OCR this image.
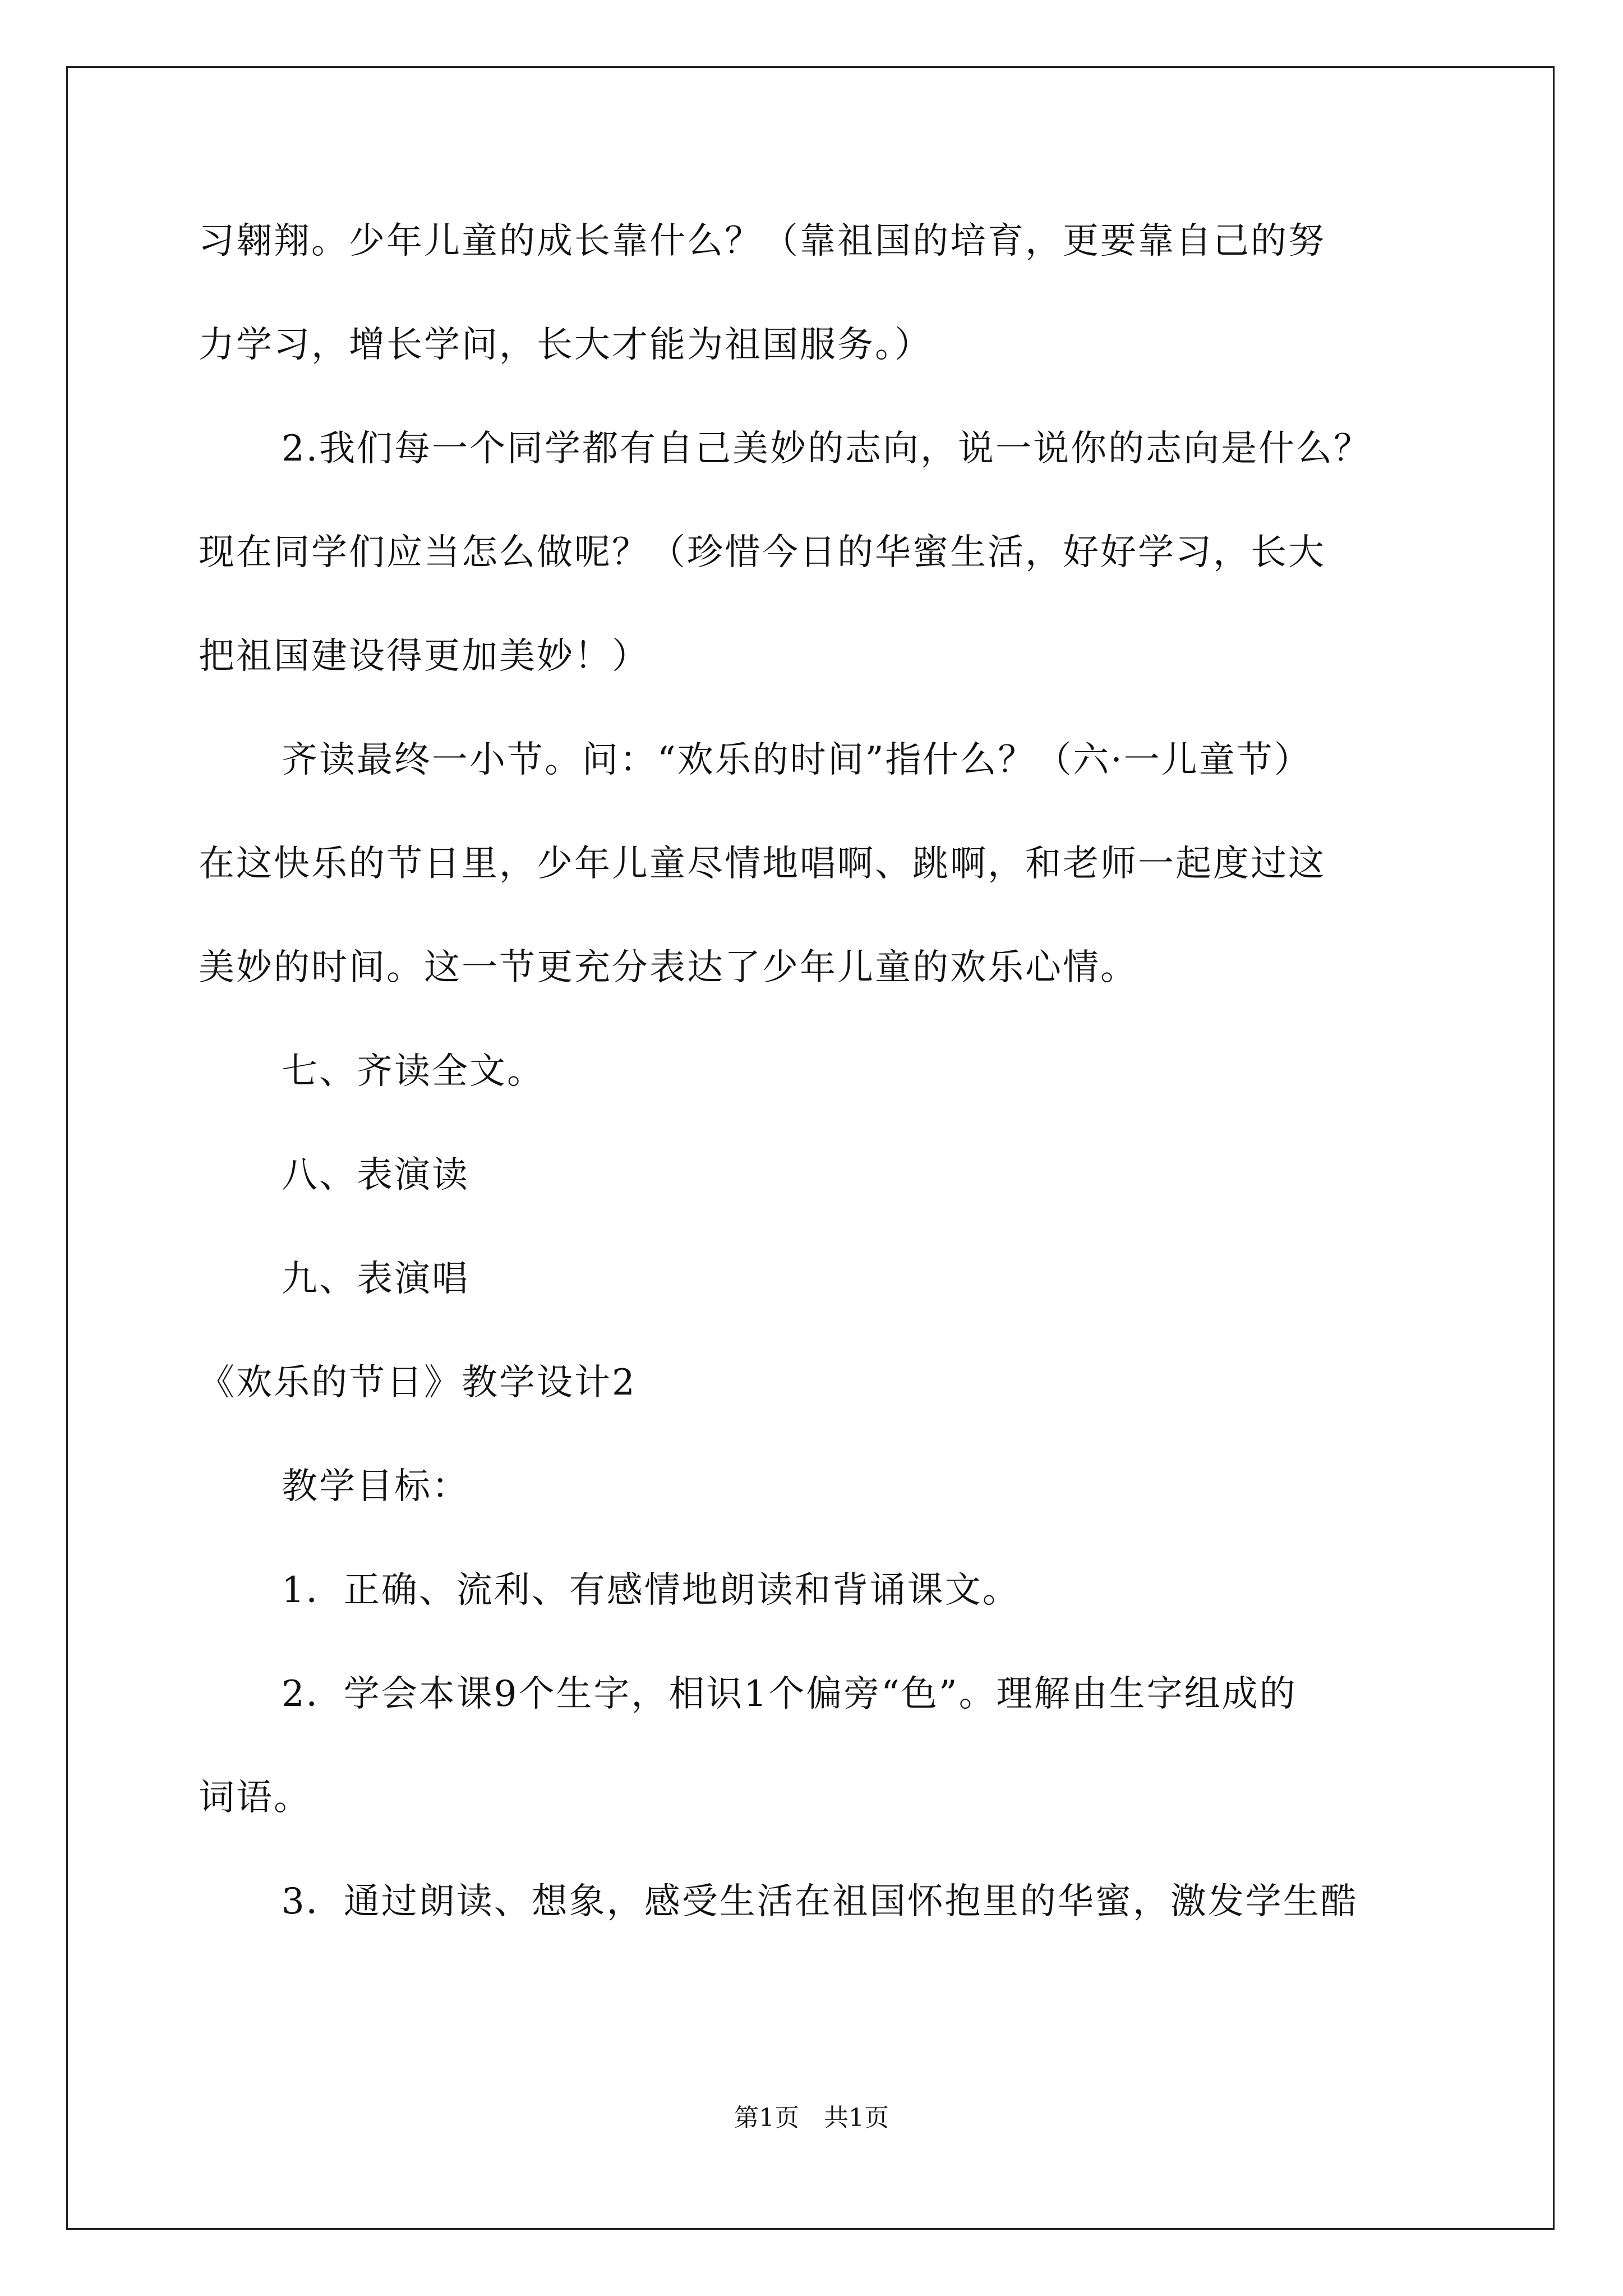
习翱翔。少年儿童的成长靠什么？（靠祖国的培育，更要靠自己的努
力学习，增长学问，长大才能为祖国服务。）
2.我们每一个同学都有自己美妙的志向，说一说你的志向是什么？
现在同学们应当怎么做呢？（珍惜今日的华蜜生活，好好学习，长大
把祖国建设得更加美妙！）
齐读最终一小节。问：“欢乐的时间”指什么？（六·一儿童节）
在这快乐的节日里，少年儿童尽情地唱啊、跳啊，和老师一起度过这
美妙的时间。这一节更充分表达了少年儿童的欢乐心情。
七、齐读全文。
八、表演读
九、表演唱
《欢乐的节日》教学设计2
教学目标：
1．正确、流利、有感情地朗读和背诵课文。
2．学会本课9个生字，相识1个偏旁“色”。理解由生字组成的
词语。
3．通过朗读、想象，感受生活在祖国怀抱里的华蜜，激发学生酷
第1页　共1页
